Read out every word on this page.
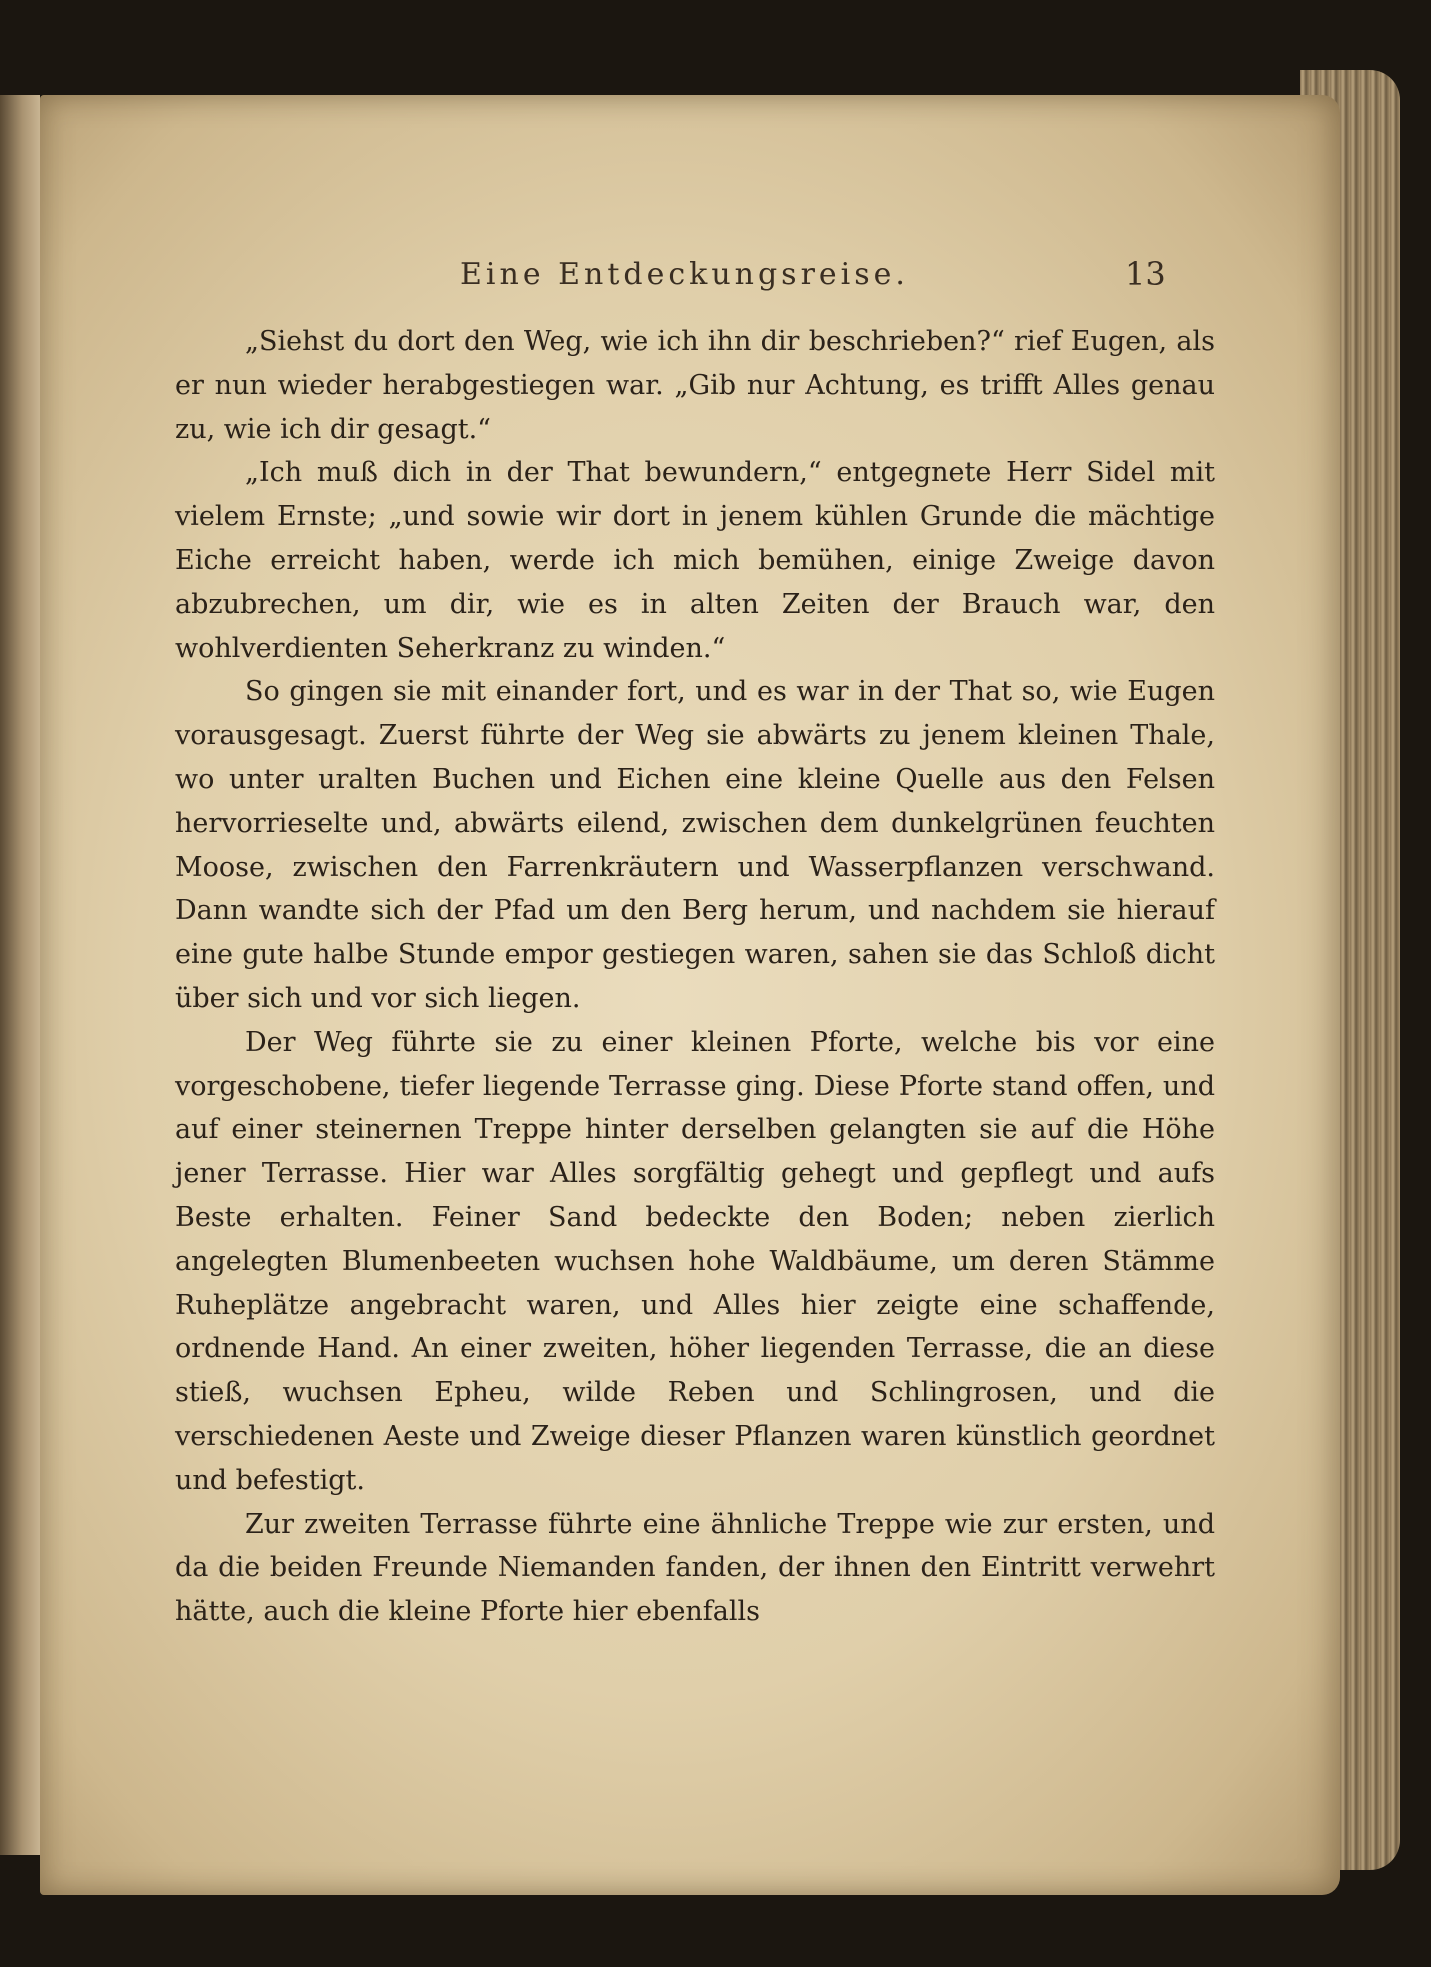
Eine Entdeckungsreise.	13

„Siehst du dort den Weg, wie ich ihn dir beschrieben?“ rief Eugen, als er nun wieder herabgestiegen war. „Gib nur Achtung, es trifft Alles genau zu, wie ich dir gesagt.“

„Ich muß dich in der That bewundern,“ entgegnete Herr Sidel mit vielem Ernste; „und sowie wir dort in jenem kühlen Grunde die mächtige Eiche erreicht haben, werde ich mich bemühen, einige Zweige davon abzubrechen, um dir, wie es in alten Zeiten der Brauch war, den wohlverdienten Seherkranz zu winden.“

So gingen sie mit einander fort, und es war in der That so, wie Eugen vorausgesagt. Zuerst führte der Weg sie abwärts zu jenem kleinen Thale, wo unter uralten Buchen und Eichen eine kleine Quelle aus den Felsen hervorrieselte und, abwärts eilend, zwischen dem dunkelgrünen feuchten Moose, zwischen den Farrenkräutern und Wasserpflanzen verschwand. Dann wandte sich der Pfad um den Berg herum, und nachdem sie hierauf eine gute halbe Stunde empor gestiegen waren, sahen sie das Schloß dicht über sich und vor sich liegen.

Der Weg führte sie zu einer kleinen Pforte, welche bis vor eine vorgeschobene, tiefer liegende Terrasse ging. Diese Pforte stand offen, und auf einer steinernen Treppe hinter derselben gelangten sie auf die Höhe jener Terrasse. Hier war Alles sorgfältig gehegt und gepflegt und aufs Beste erhalten. Feiner Sand bedeckte den Boden; neben zierlich angelegten Blumenbeeten wuchsen hohe Waldbäume, um deren Stämme Ruheplätze angebracht waren, und Alles hier zeigte eine schaffende, ordnende Hand. An einer zweiten, höher liegenden Terrasse, die an diese stieß, wuchsen Epheu, wilde Reben und Schlingrosen, und die verschiedenen Aeste und Zweige dieser Pflanzen waren künstlich geordnet und befestigt.

Zur zweiten Terrasse führte eine ähnliche Treppe wie zur ersten, und da die beiden Freunde Niemanden fanden, der ihnen den Eintritt verwehrt hätte, auch die kleine Pforte hier ebenfalls
